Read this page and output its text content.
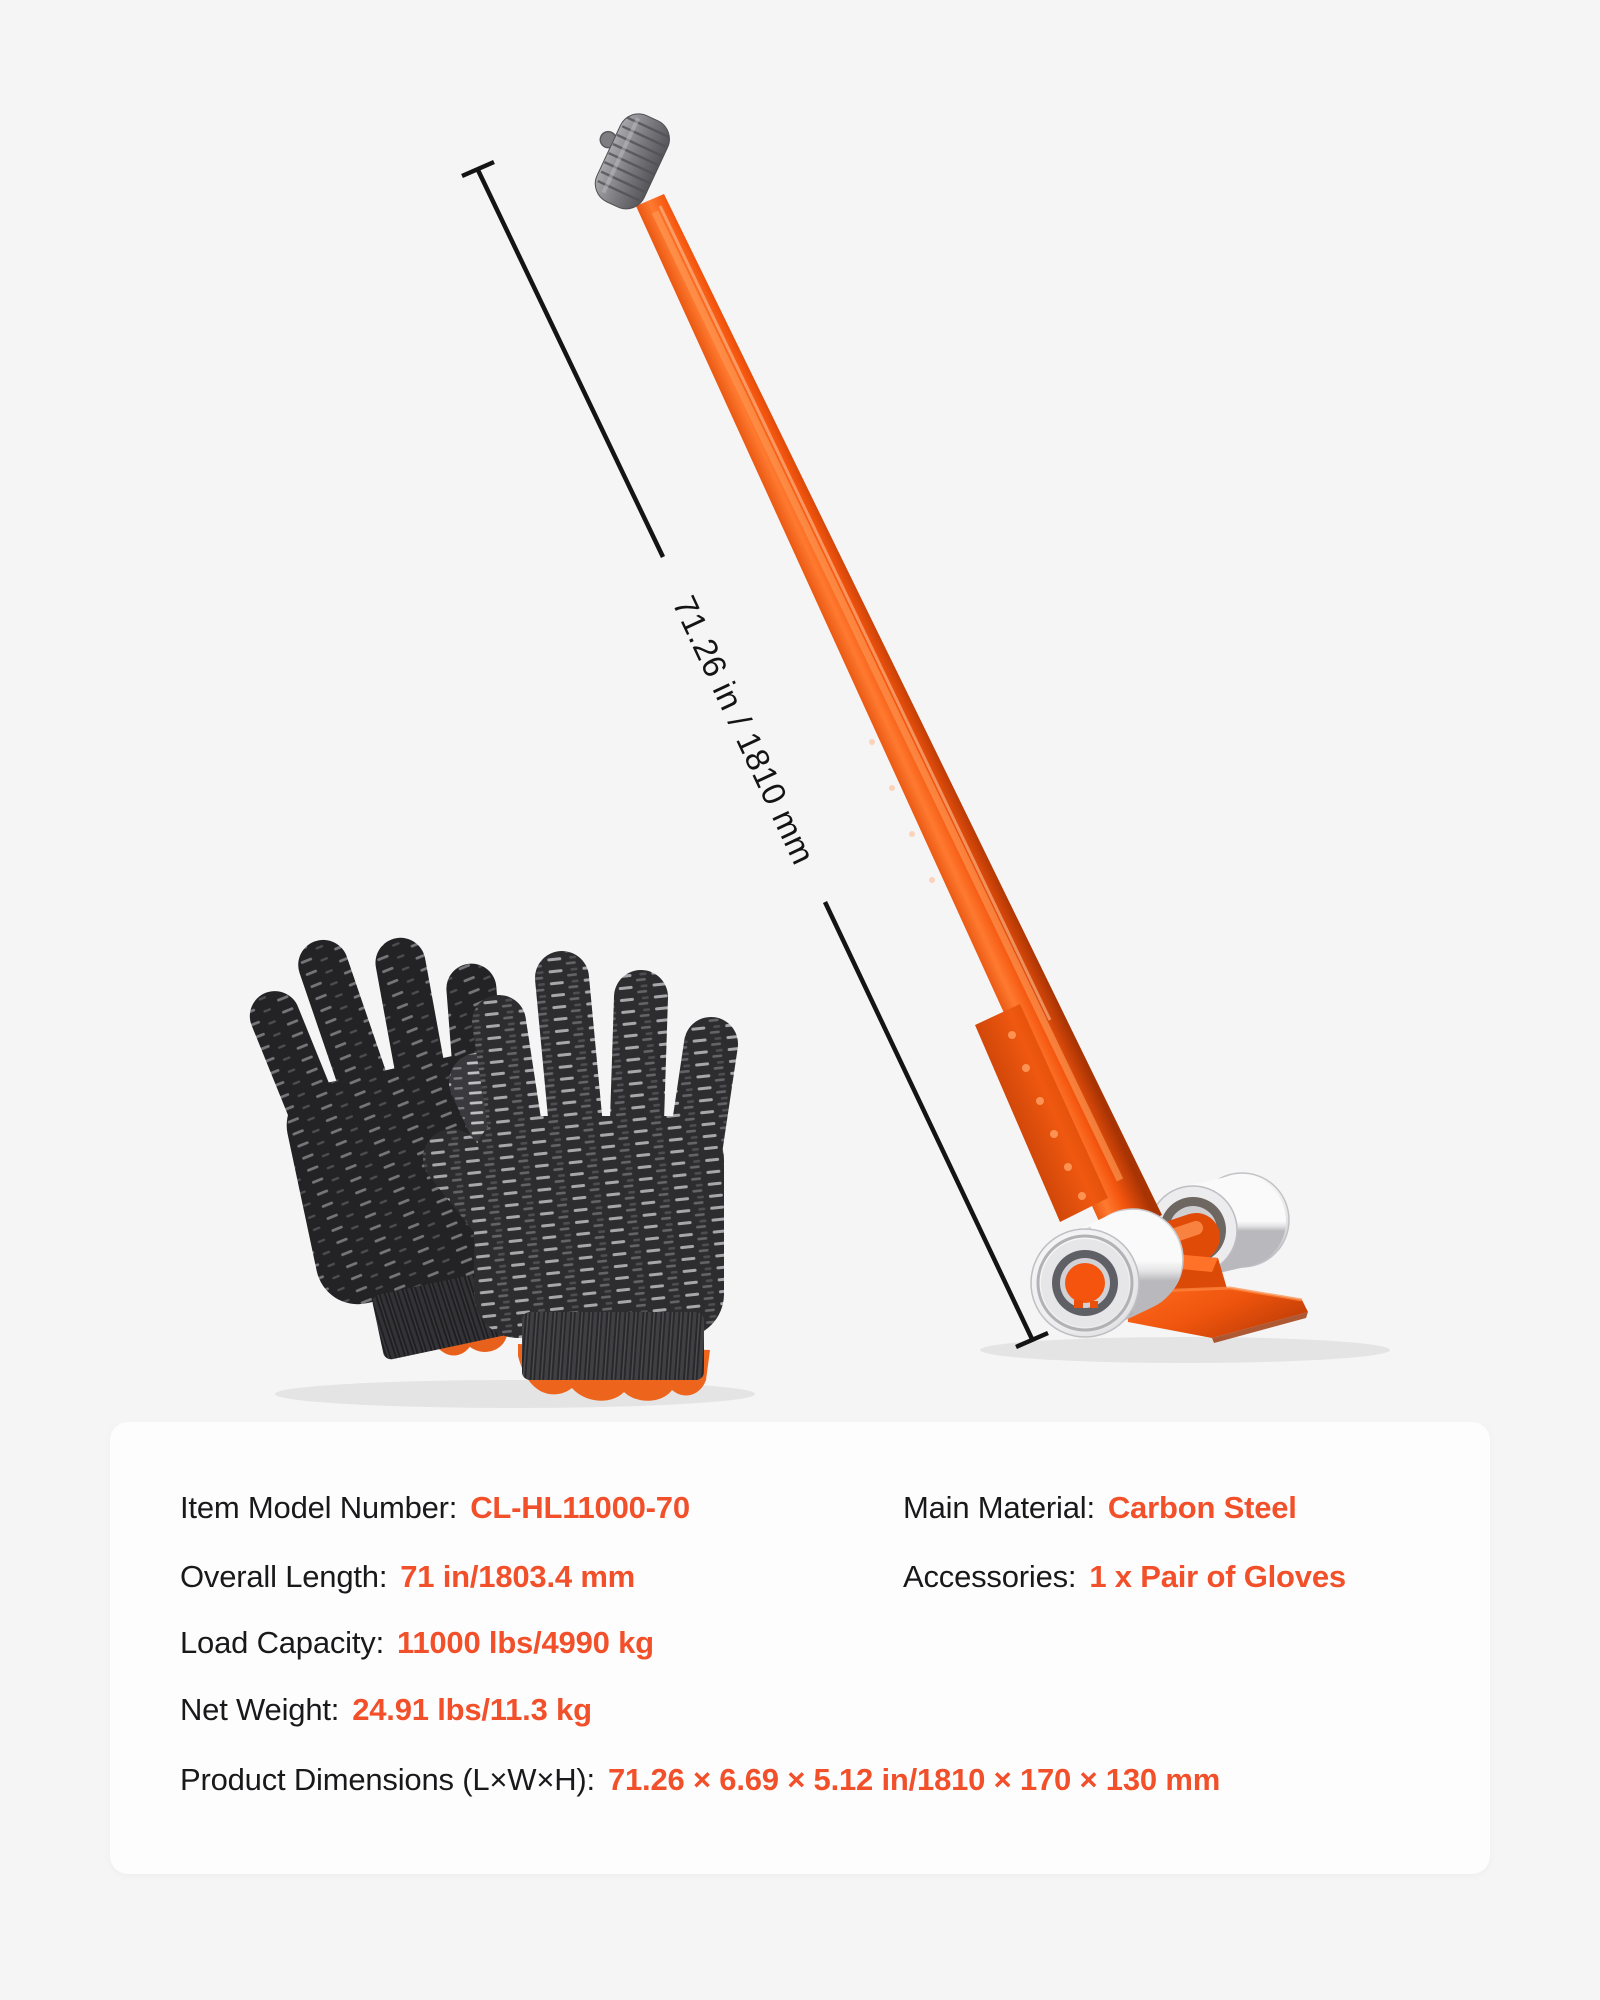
71.26 in / 1810 mm
Item Model Number: CL-HL11000-70
Overall Length: 71 in/1803.4 mm
Load Capacity: 11000 lbs/4990 kg
Net Weight: 24.91 lbs/11.3 kg
Main Material: Carbon Steel
Accessories: 1 x Pair of Gloves
Product Dimensions (L×W×H): 71.26 × 6.69 × 5.12 in/1810 × 170 × 130 mm
